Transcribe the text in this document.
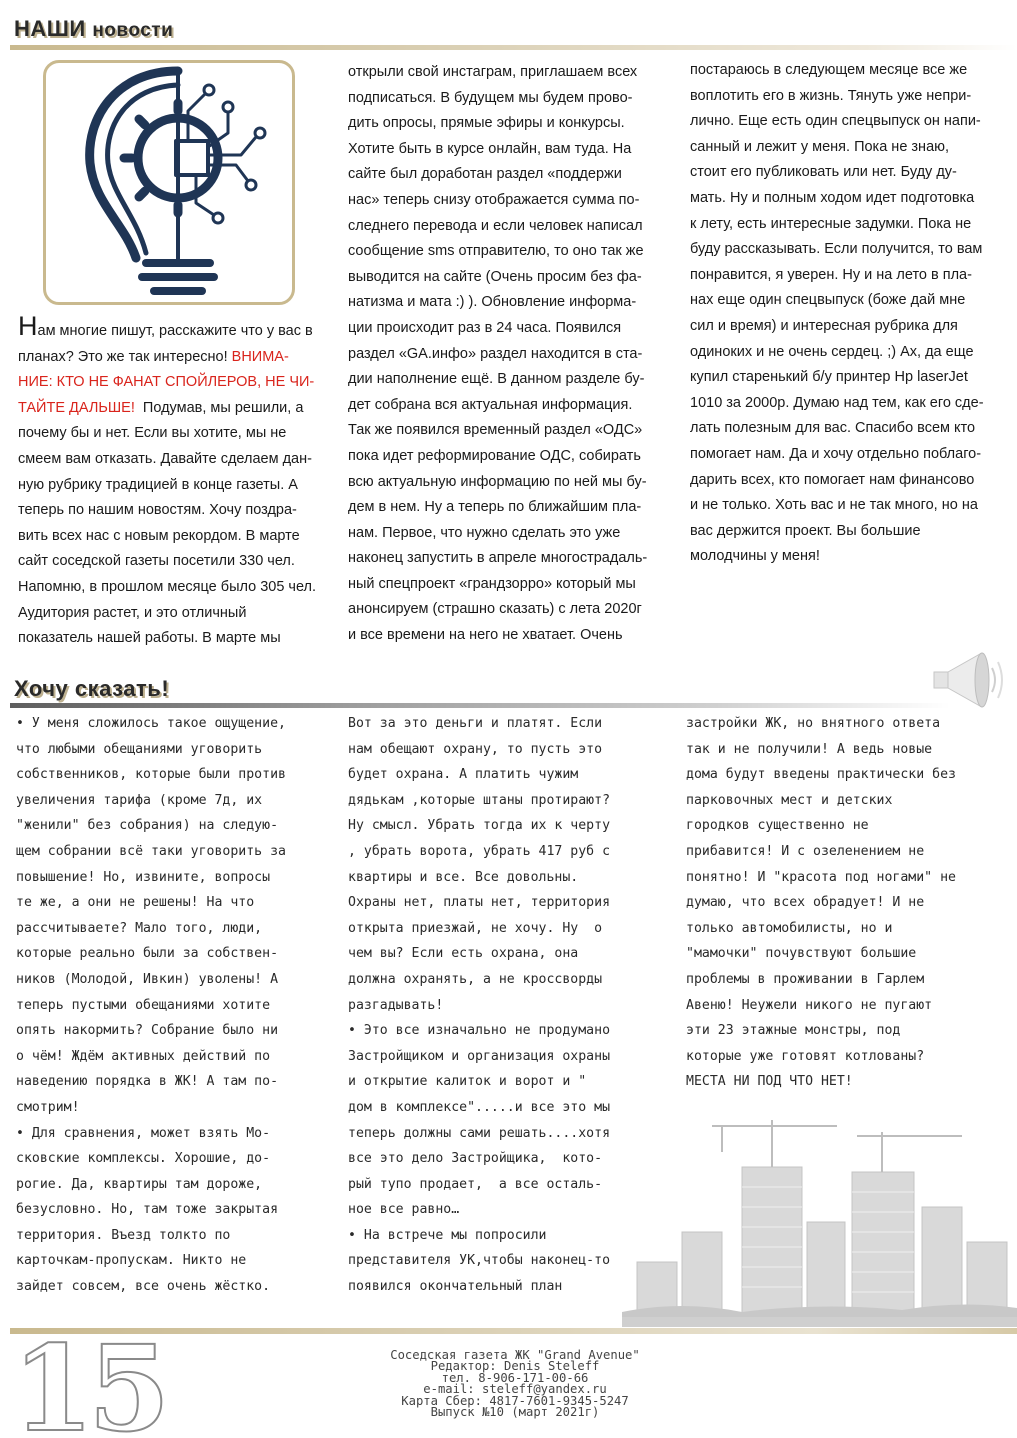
НАШИ новости
Нам многие пишут, расскажите что у вас в
планах? Это же так интересно! ВНИМА-
НИЕ: КТО НЕ ФАНАТ СПОЙЛЕРОВ, НЕ ЧИ-
ТАЙТЕ ДАЛЬШЕ!  Подумав, мы решили, а
почему бы и нет. Если вы хотите, мы не
смеем вам отказать. Давайте сделаем дан-
ную рубрику традицией в конце газеты. А
теперь по нашим новостям. Хочу поздра-
вить всех нас с новым рекордом. В марте
сайт соседской газеты посетили 330 чел.
Напомню, в прошлом месяце было 305 чел.
Аудитория растет, и это отличный
показатель нашей работы. В марте мы
открыли свой инстаграм, приглашаем всех
подписаться. В будущем мы будем прово-
дить опросы, прямые эфиры и конкурсы.
Хотите быть в курсе онлайн, вам туда. На
сайте был доработан раздел «поддержи
нас» теперь снизу отображается сумма по-
следнего перевода и если человек написал
сообщение sms отправителю, то оно так же
выводится на сайте (Очень просим без фа-
натизма и мата :) ). Обновление информа-
ции происходит раз в 24 часа. Появился
раздел «GA.инфо» раздел находится в ста-
дии наполнение ещё. В данном разделе бу-
дет собрана вся актуальная информация.
Так же появился временный раздел «ОДС»
пока идет реформирование ОДС, собирать
всю актуальную информацию по ней мы бу-
дем в нем. Ну а теперь по ближайшим пла-
нам. Первое, что нужно сделать это уже
наконец запустить в апреле многострадаль-
ный спецпроект «грандзорро» который мы
анонсируем (страшно сказать) с лета 2020г
и все времени на него не хватает. Очень
постараюсь в следующем месяце все же
воплотить его в жизнь. Тянуть уже непри-
лично. Еще есть один спецвыпуск он напи-
санный и лежит у меня. Пока не знаю,
стоит его публиковать или нет. Буду ду-
мать. Ну и полным ходом идет подготовка
к лету, есть интересные задумки. Пока не
буду рассказывать. Если получится, то вам
понравится, я уверен. Ну и на лето в пла-
нах еще один спецвыпуск (боже дай мне
сил и время) и интересная рубрика для
одиноких и не очень сердец. ;) Ах, да еще
купил старенький б/у принтер Hp laserJet
1010 за 2000р. Думаю над тем, как его сде-
лать полезным для вас. Спасибо всем кто
помогает нам. Да и хочу отдельно поблаго-
дарить всех, кто помогает нам финансово
и не только. Хоть вас и не так много, но на
вас держится проект. Вы большие
молодчины у меня!
Хочу сказать!
• У меня сложилось такое ощущение,
что любыми обещаниями уговорить
собственников, которые были против
увеличения тарифа (кроме 7д, их
"женили" без собрания) на следую-
щем собрании всё таки уговорить за
повышение! Но, извините, вопросы
те же, а они не решены! На что
рассчитываете? Мало того, люди,
которые реально были за собствен-
ников (Молодой, Ивкин) уволены! А
теперь пустыми обещаниями хотите
опять накормить? Собрание было ни
о чём! Ждём активных действий по
наведению порядка в ЖК! А там по-
смотрим!
• Для сравнения, может взять Мо-
сковские комплексы. Хорошие, до-
рогие. Да, квартиры там дороже,
безусловно. Но, там тоже закрытая
территория. Въезд толкто по
карточкам-пропускам. Никто не
зайдет совсем, все очень жёстко.
Вот за это деньги и платят. Если
нам обещают охрану, то пусть это
будет охрана. А платить чужим
дядькам ,которые штаны протирают?
Ну смысл. Убрать тогда их к черту
, убрать ворота, убрать 417 руб с
квартиры и все. Все довольны.
Охраны нет, платы нет, территория
открыта приезжай, не хочу. Ну  о
чем вы? Если есть охрана, она
должна охранять, а не кроссворды
разгадывать!
• Это все изначально не продумано
Застройщиком и организация охраны
и открытие калиток и ворот и "
дом в комплексе".....и все это мы
теперь должны сами решать....хотя
все это дело Застройщика,  кото-
рый тупо продает,  а все осталь-
ное все равно…
• На встрече мы попросили
представителя УК,чтобы наконец-то
появился окончательный план
застройки ЖК, но внятного ответа
так и не получили! А ведь новые
дома будут введены практически без
парковочных мест и детских
городков существенно не
прибавится! И с озеленением не
понятно! И "красота под ногами" не
думаю, что всех обрадует! И не
только автомобилисты, но и
"мамочки" почувствуют большие
проблемы в проживании в Гарлем
Авеню! Неужели никого не пугают
эти 23 этажные монстры, под
которые уже готовят котлованы?
МЕСТА НИ ПОД ЧТО НЕТ!
15	Соседская газета ЖК "Grand Avenue"
Редактор: Denis Steleff
тел. 8-906-171-00-66
e-mail: steleff@yandex.ru
Карта Сбер: 4817-7601-9345-5247
Выпуск №10 (март 2021г)
